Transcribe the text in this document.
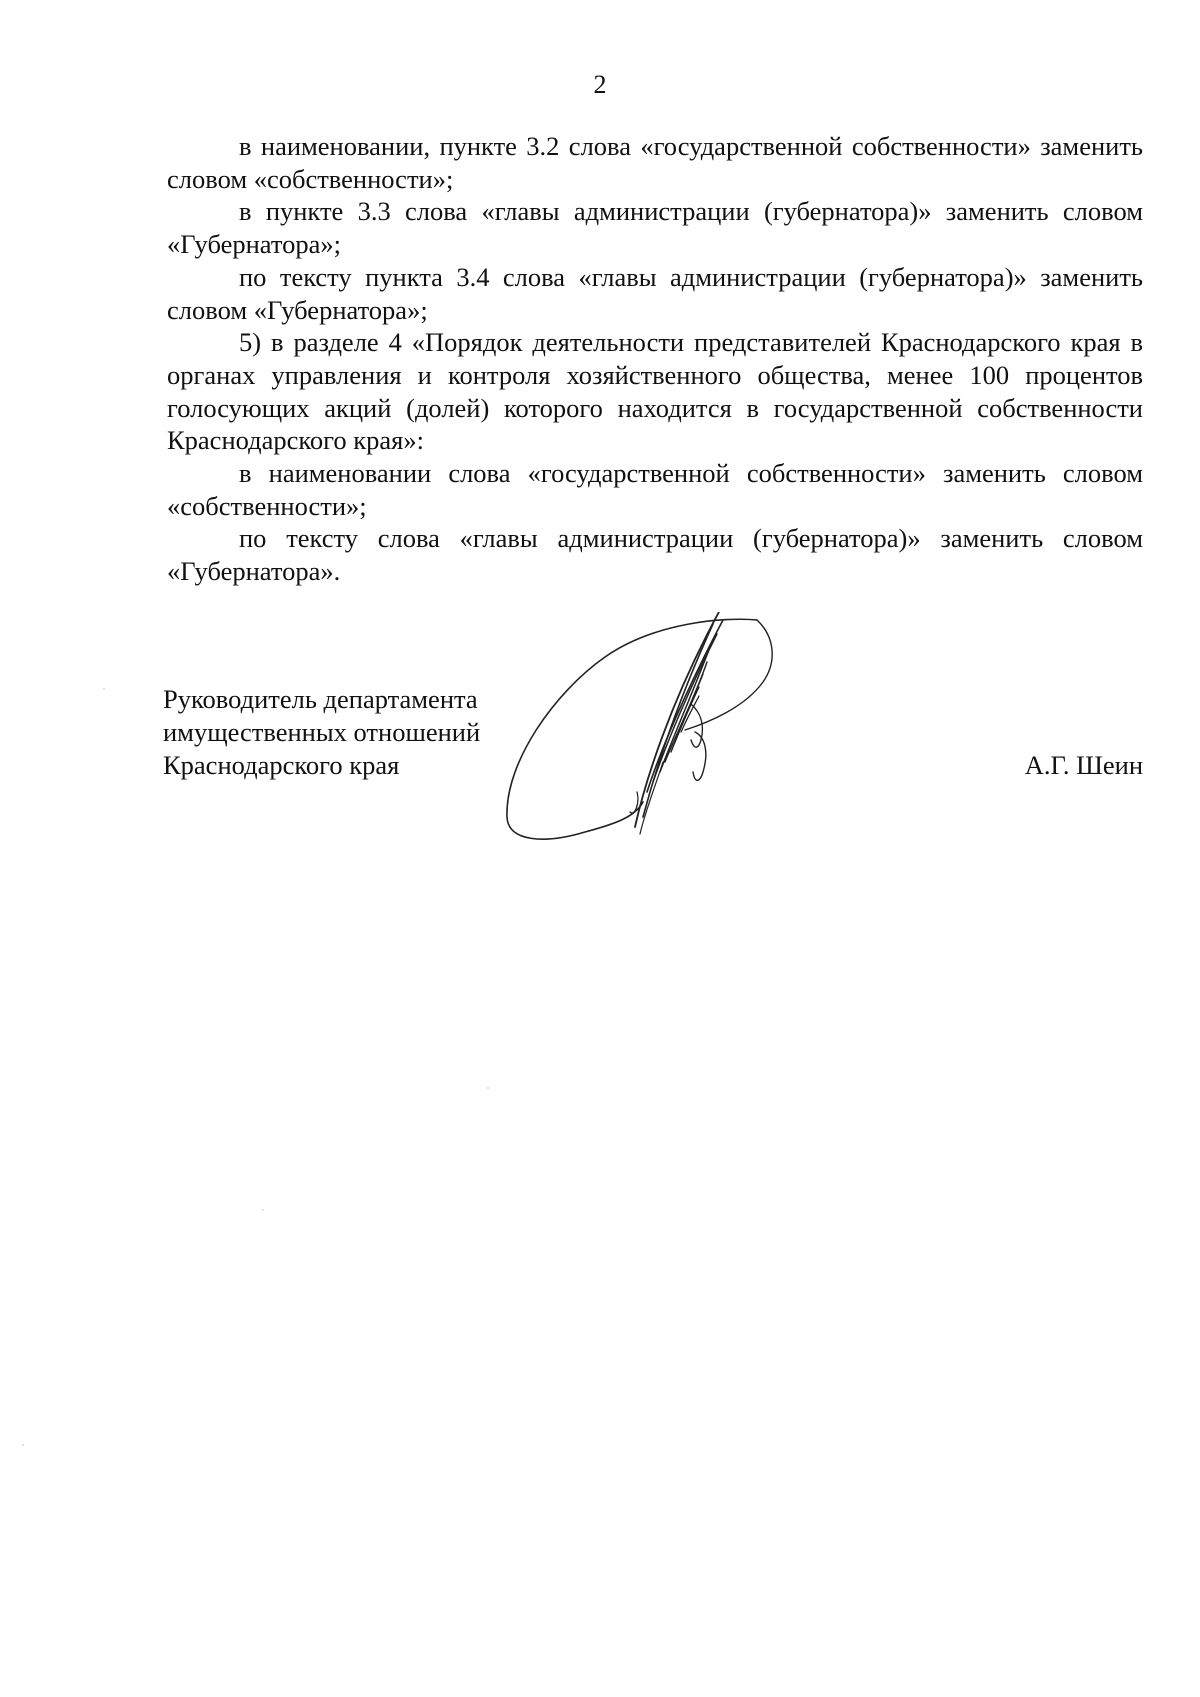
2

в наименовании, пункте 3.2 слова «государственной собственности» заменить словом «собственности»;

в пункте 3.3 слова «главы администрации (губернатора)» заменить словом «Губернатора»;

по тексту пункта 3.4 слова «главы администрации (губернатора)» заменить словом «Губернатора»;

5) в разделе 4 «Порядок деятельности представителей Краснодарского края в органах управления и контроля хозяйственного общества, менее 100 процентов голосующих акций (долей) которого находится в государственной собственности Краснодарского края»:

в наименовании слова «государственной собственности» заменить словом «собственности»;

по тексту слова «главы администрации (губернатора)» заменить словом «Губернатора».

Руководитель департамента
имущественных отношений
Краснодарского края	А.Г. Шеин
